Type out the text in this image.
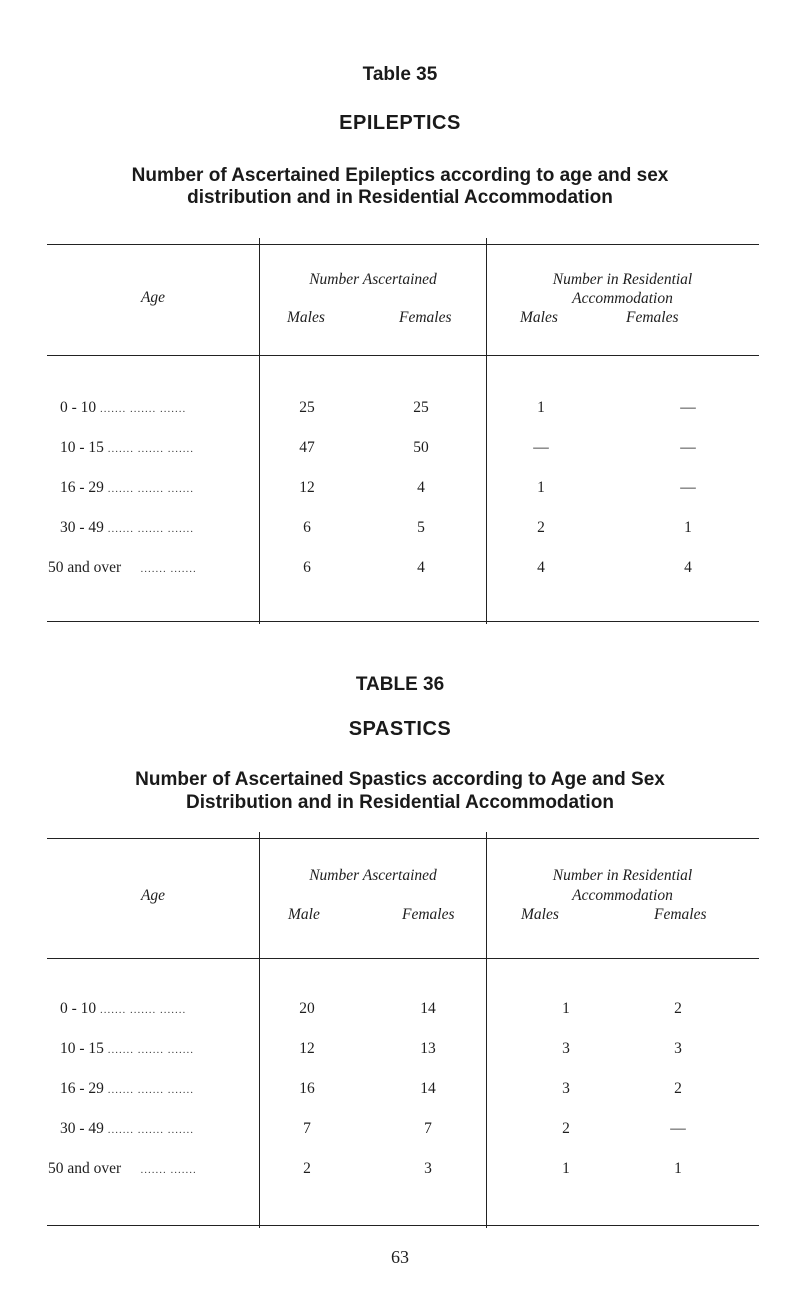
Table 35
EPILEPTICS
Number of Ascertained Epileptics according to age and sex
distribution and in Residential Accommodation
Age
Number Ascertained
Males	Females
Number in Residential
Accommodation
Males	Females
0 - 10 ....... ....... .......	25	25	1	—
10 - 15 ....... ....... .......	47	50	—	—
16 - 29 ....... ....... .......	12	4	1	—
30 - 49 ....... ....... .......	6	5	2	1
50 and over ....... .......	6	4	4	4
TABLE 36
SPASTICS
Number of Ascertained Spastics according to Age and Sex
Distribution and in Residential Accommodation
Age
Number Ascertained
Male	Females
Number in Residential
Accommodation
Males	Females
0 - 10 ....... ....... .......	20	14	1	2
10 - 15 ....... ....... .......	12	13	3	3
16 - 29 ....... ....... .......	16	14	3	2
30 - 49 ....... ....... .......	7	7	2	—
50 and over ....... .......	2	3	1	1
63
